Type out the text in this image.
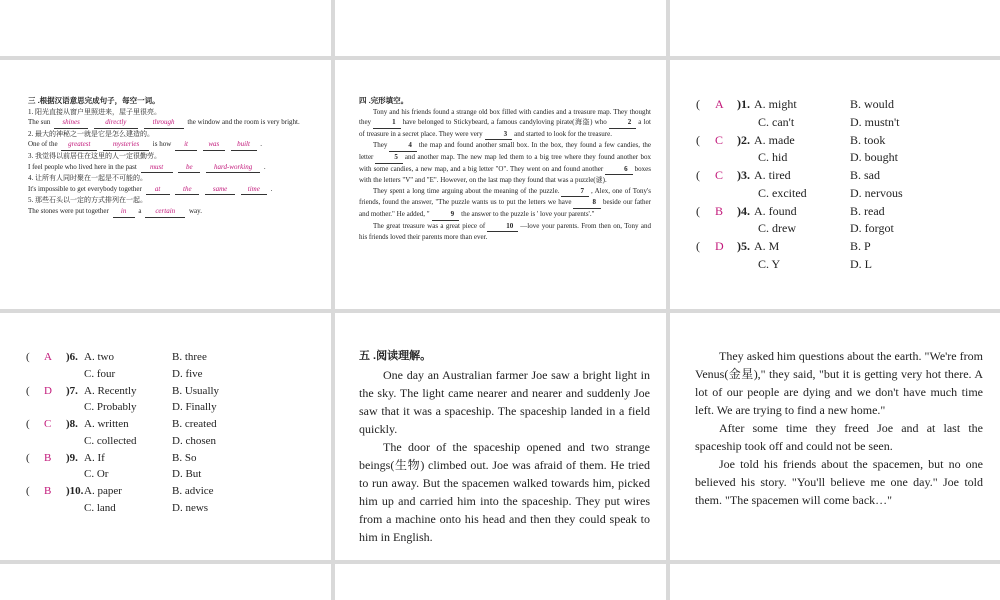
三 .根据汉语意思完成句子，每空一词。
1. 阳光直接从窗户里照进来，屋子里很亮。
The sun shines	directly	through the window and the room is very bright.
2. 最大的神秘之一就是它是怎么建造的。
One of the greatest	mysteries is how it	was	built .
3. 我觉得以前居住在这里的人一定很勤劳。
I feel people who lived here in the past must	be	hard-working .
4. 让所有人同时聚在一起是不可能的。
It's impossible to get everybody together at	the	same	time .
5. 那些石头以一定的方式排列在一起。
The stones were put together in a certain way.
四 .完形填空。

Tony and his friends found a strange old box filled with candies and a treasure map. They thought they	1 have belonged to Stickybeard, a famous candyloving pirate(海盗) who	2 a lot of treasure in a secret place. They were very	3 and started to look for the treasure.

They	4 the map and found another small box. In the box, they found a few candies, the letter	5 and another map. The new map led them to a big tree where they found another box with some candies, a new map, and a big letter "O". They went on and found another	6 boxes with the letters "V" and "E". However, on the last map they found that was a puzzle(谜).

They spent a long time arguing about the meaning of the puzzle.	7 , Alex, one of Tony's friends, found the answer, "The puzzle wants us to put the letters we have	8 beside our father and mother." He added, "	9 the answer to the puzzle is ' love your parents'."

The great treasure was a great piece of	10 —love your parents. From then on, Tony and his friends loved their parents more than ever.

( A )1. A. might	B. would
C. can't	D. mustn't
( C )2. A. made	B. took
C. hid	D. bought
( C )3. A. tired	B. sad
C. excited	D. nervous
( B )4. A. found	B. read
C. drew	D. forgot
( D )5. A. M	B. P
C. Y	D. L
( A )6. A. two	B. three
C. four	D. five
( D )7. A. Recently	B. Usually
C. Probably	D. Finally
( C )8. A. written	B. created
C. collected	D. chosen
( B )9. A. If	B. So
C. Or	D. But
( B )10. A. paper	B. advice
C. land	D. news
五 .阅读理解。

One day an Australian farmer Joe saw a bright light in the sky. The light came nearer and nearer and suddenly Joe saw that it was a spaceship. The spaceship landed in a field quickly.

The door of the spaceship opened and two strange beings(生物) climbed out. Joe was afraid of them. He tried to run away. But the spacemen walked towards him, picked him up and carried him into the spaceship. They put wires from a machine onto his head and then they could speak to him in English.

They asked him questions about the earth. "We're from Venus(金星)," they said, "but it is getting very hot there. A lot of our people are dying and we don't have much time left. We are trying to find a new home."

After some time they freed Joe and at last the spaceship took off and could not be seen.

Joe told his friends about the spacemen, but no one believed his story. "You'll believe me one day." Joe told them. "The spacemen will come back…"
